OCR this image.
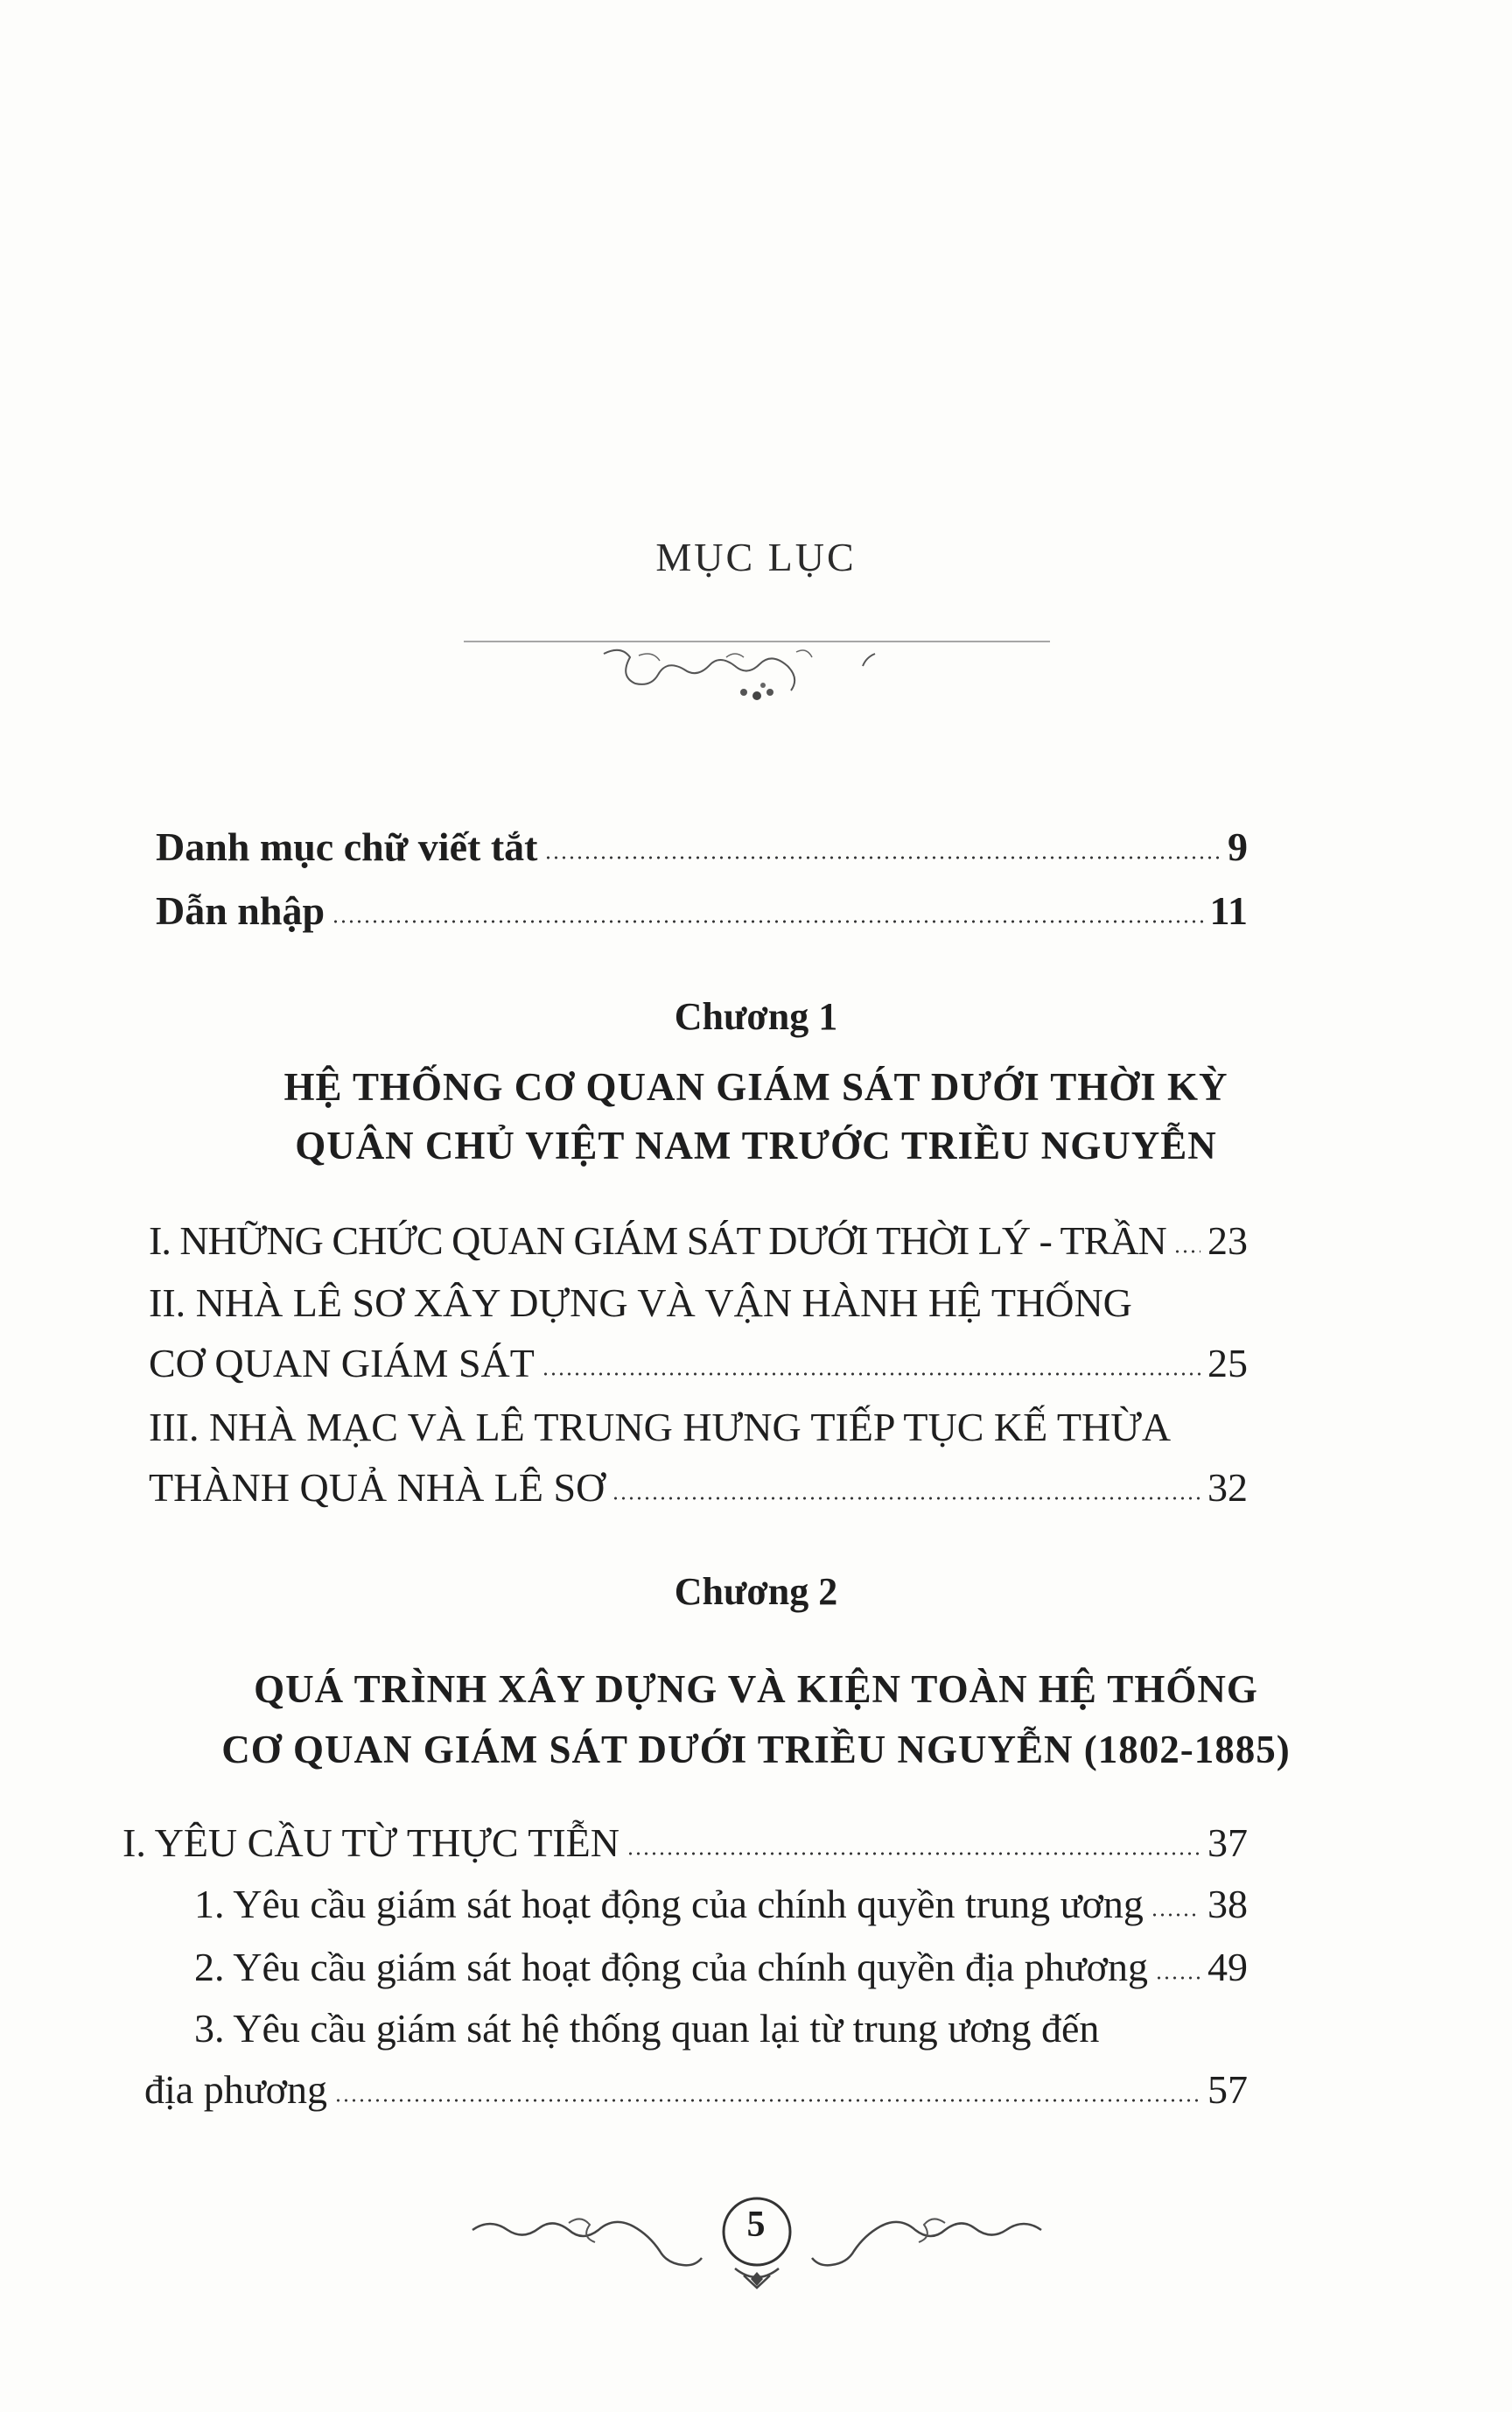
MỤC LỤC
Danh mục chữ viết tắt	9
Dẫn nhập	11
Chương 1
HỆ THỐNG CƠ QUAN GIÁM SÁT DƯỚI THỜI KỲ
QUÂN CHỦ VIỆT NAM TRƯỚC TRIỀU NGUYỄN
I. NHỮNG CHỨC QUAN GIÁM SÁT DƯỚI THỜI LÝ - TRẦN 23
II. NHÀ LÊ SƠ XÂY DỰNG VÀ VẬN HÀNH HỆ THỐNG
CƠ QUAN GIÁM SÁT	25
III. NHÀ MẠC VÀ LÊ TRUNG HƯNG TIẾP TỤC KẾ THỪA
THÀNH QUẢ NHÀ LÊ SƠ	32
Chương 2
QUÁ TRÌNH XÂY DỰNG VÀ KIỆN TOÀN HỆ THỐNG
CƠ QUAN GIÁM SÁT DƯỚI TRIỀU NGUYỄN (1802-1885)
I. YÊU CẦU TỪ THỰC TIỄN	37
1. Yêu cầu giám sát hoạt động của chính quyền trung ương 38
2. Yêu cầu giám sát hoạt động của chính quyền địa phương 49
3. Yêu cầu giám sát hệ thống quan lại từ trung ương đến
địa phương	57
5
